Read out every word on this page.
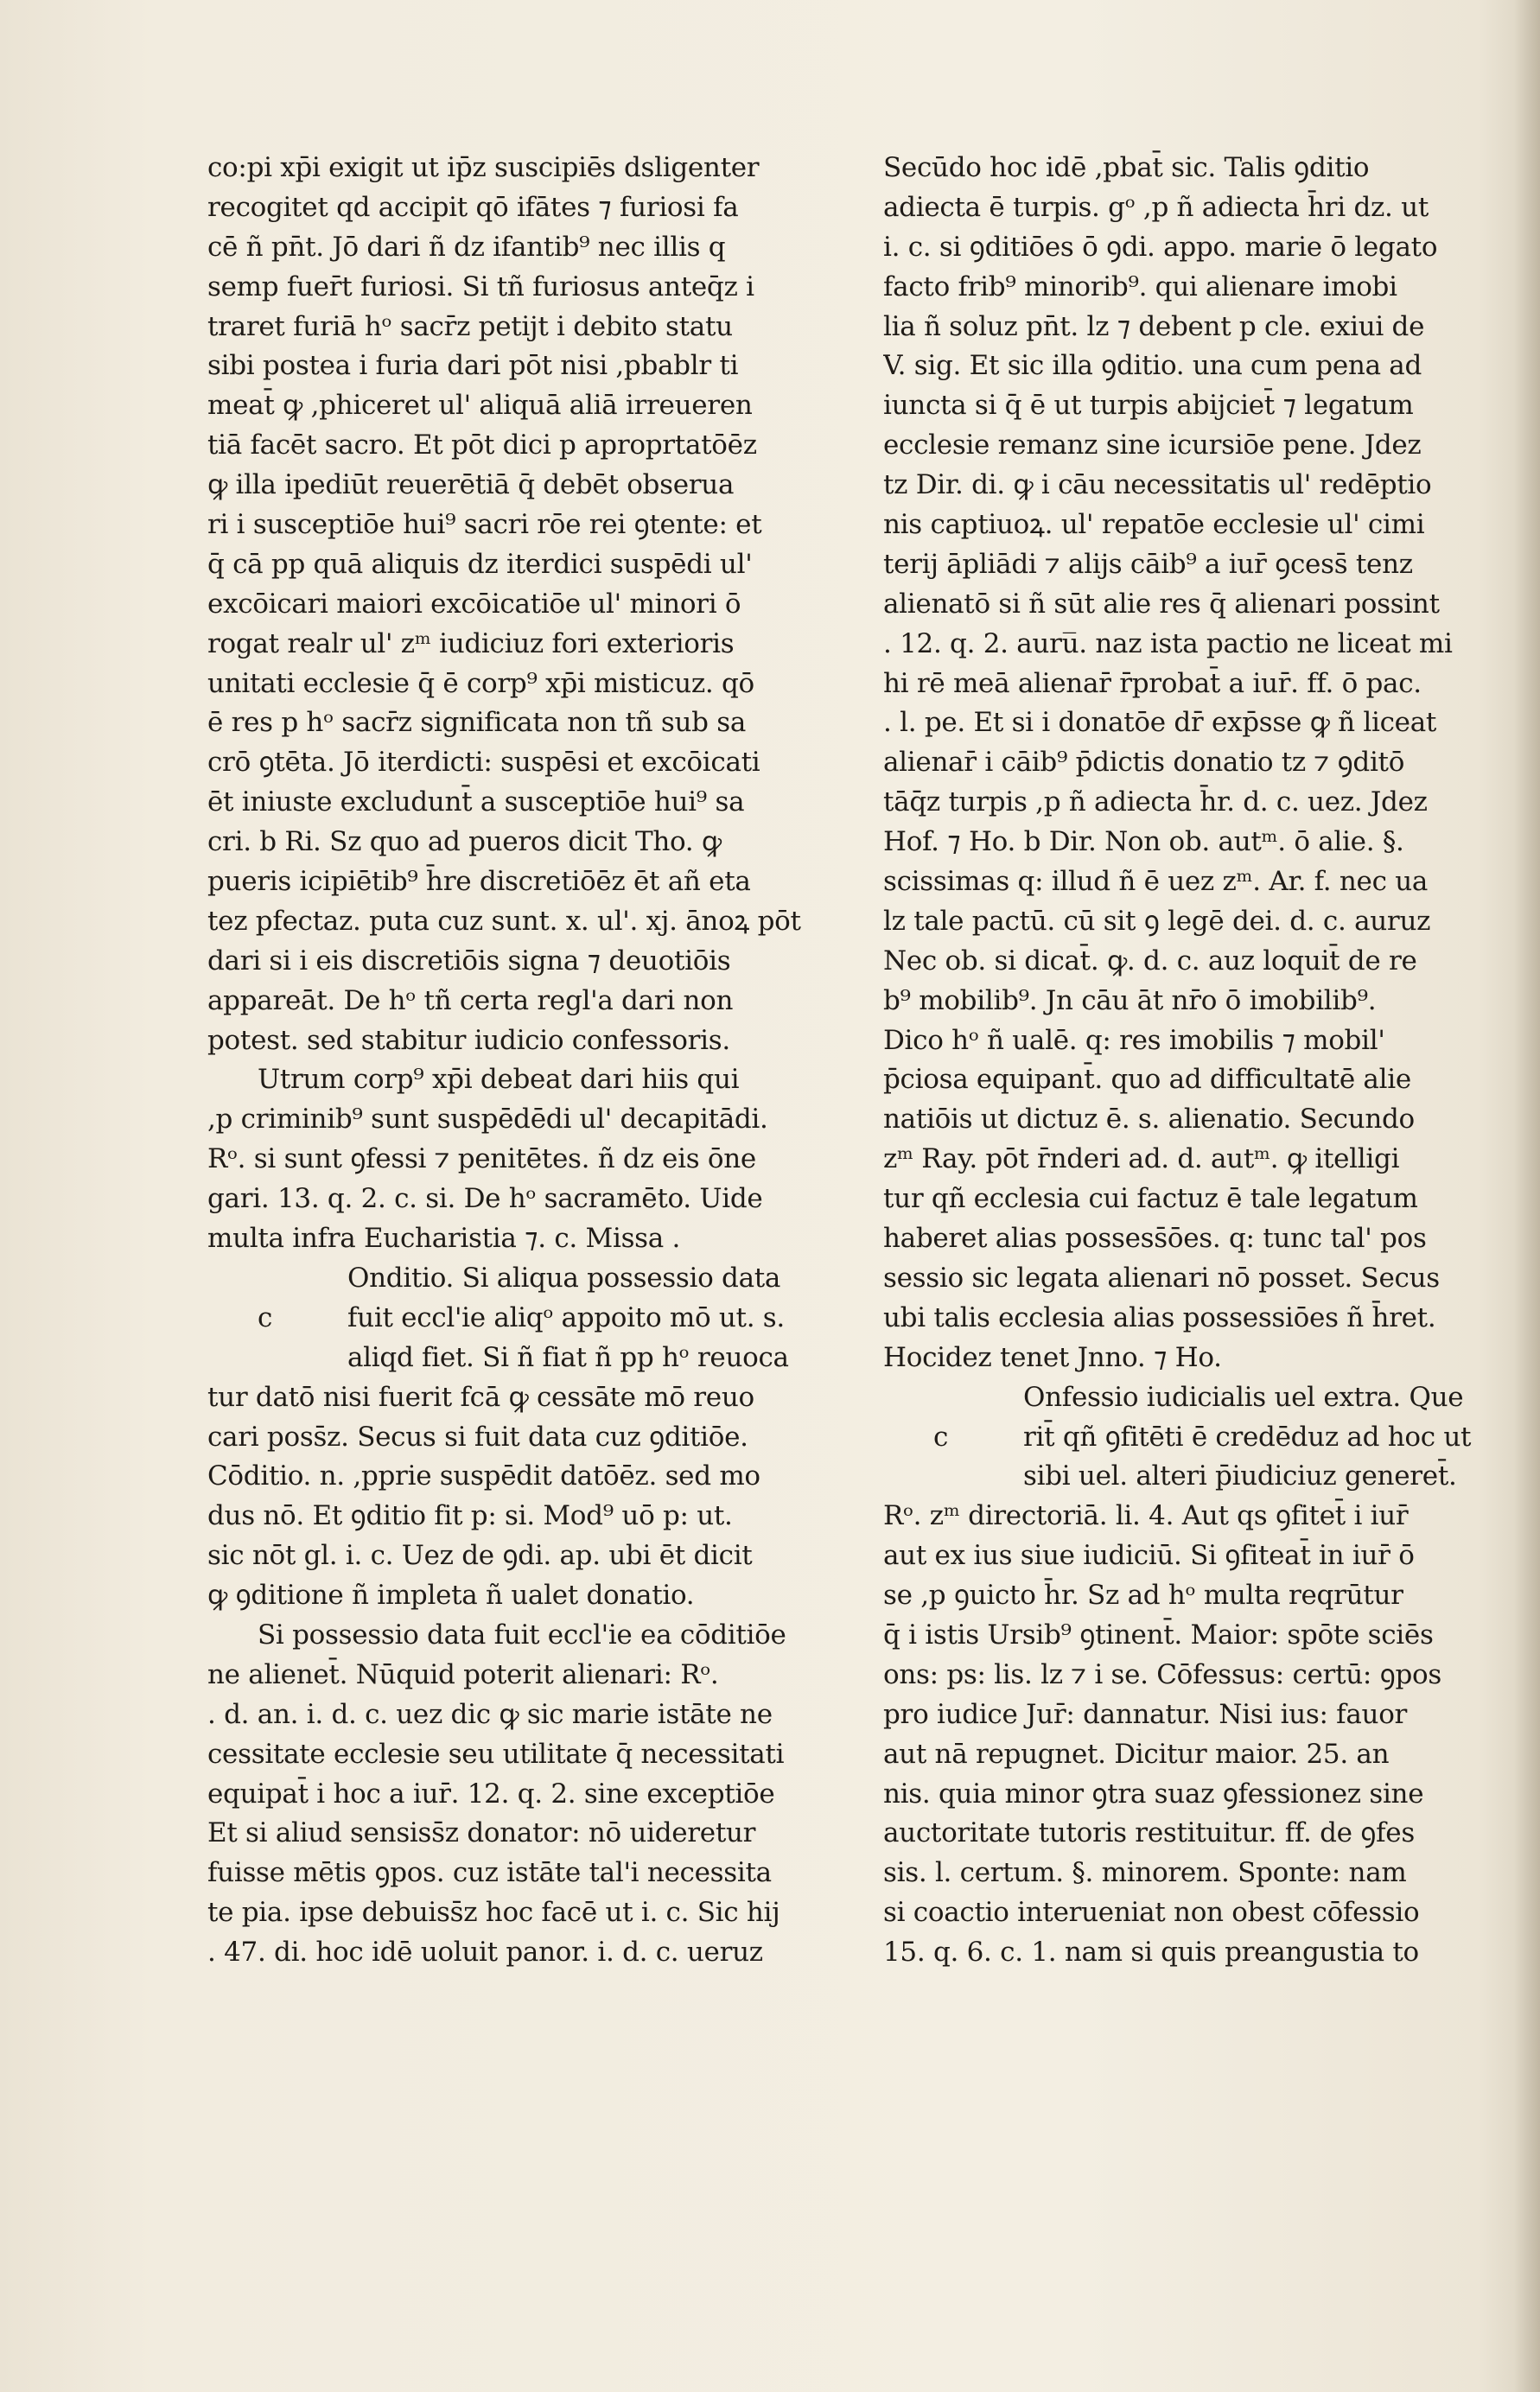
co:pi xp̄i exigit ut ip̄z suscipiēs dsligenter
recogitet qd accipit qō ifātes ⁊ furiosi fa
cē ñ pn̄t. Jō dari ñ dz ifantib⁹ nec illis q
semp fuer̄t furiosi. Si tñ furiosus anteq̄z i
traret furiā hᵒ sacr̄z petijt i debito statu
sibi postea i furia dari pōt nisi ,pbablr ti
meat̄ ꝙ ,phiceret ul' aliquā aliā irreueren
tiā facēt sacro. Et pōt dici p aproprtatōēz
ꝙ illa ipediūt reuerētiā q̄ debēt obserua
ri i susceptiōe hui⁹ sacri rōe rei ꝯtente: et
q̄ cā pp quā aliquis dz iterdici suspēdi ul'
excōicari maiori excōicatiōe ul' minori ō
rogat realr ul' zᵐ iudiciuz fori exterioris
unitati ecclesie q̄ ē corp⁹ xp̄i misticuz. qō
ē res p hᵒ sacr̄z significata non tñ sub sa
crō ꝯtēta. Jō iterdicti: suspēsi et excōicati
ēt iniuste excludunt̄ a susceptiōe hui⁹ sa
cri. b Ri. Sz quo ad pueros dicit Tho. ꝙ
pueris icipiētib⁹ h̄re discretiōēz ēt añ eta
tez pfectaz. puta cuz sunt. x. ul'. xj. ānoꝝ pōt
dari si i eis discretiōis signa ⁊ deuotiōis
appareāt. De hᵒ tñ certa regl'a dari non
potest. sed stabitur iudicio confessoris.
Utrum corp⁹ xp̄i debeat dari hiis qui
,p criminib⁹ sunt suspēdēdi ul' decapitādi.
Rᵒ. si sunt ꝯfessi ⁊ penitētes. ñ dz eis ōne
gari. 13. q. 2. c. si. De hᵒ sacramēto. Uide
multa infra Eucharistia ⁊. c. Missa .
Onditio. Si aliqua possessio data
c	fuit eccl'ie aliqᵒ appoito mō ut. s.
aliqd fiet. Si ñ fiat ñ pp hᵒ reuoca
tur datō nisi fuerit fcā ꝙ cessāte mō reuo
cari poss̄z. Secus si fuit data cuz ꝯditiōe.
Cōditio. n. ,pprie suspēdit datōēz. sed mo
dus nō. Et ꝯditio fit p: si. Mod⁹ uō p: ut.
sic nōt gl. i. c. Uez de ꝯdi. ap. ubi ēt dicit
ꝙ ꝯditione ñ impleta ñ ualet donatio.
Si possessio data fuit eccl'ie ea cōditiōe
ne alienet̄. Nūquid poterit alienari: Rᵒ.
. d. an. i. d. c. uez dic ꝙ sic marie istāte ne
cessitate ecclesie seu utilitate q̄ necessitati
equipat̄ i hoc a iur̄. 12. q. 2. sine exceptiōe
Et si aliud sensiss̄z donator: nō uideretur
fuisse mētis ꝯpos. cuz istāte tal'i necessita
te pia. ipse debuiss̄z hoc facē ut i. c. Sic hij
. 47. di. hoc idē uoluit panor. i. d. c. ueruz
Secūdo hoc idē ,pbat̄ sic. Talis ꝯditio
adiecta ē turpis. gᵒ ,p ñ adiecta h̄ri dz. ut
i. c. si ꝯditiōes ō ꝯdi. appo. marie ō legato
facto frib⁹ minorib⁹. qui alienare imobi
lia ñ soluz pn̄t. lz ⁊ debent p cle. exiui de
V. sig. Et sic illa ꝯditio. una cum pena ad
iuncta si q̄ ē ut turpis abijciet̄ ⁊ legatum
ecclesie remanz sine icursiōe pene. Jdez
tz Dir. di. ꝙ i cāu necessitatis ul' redēptio
nis captiuoꝝ. ul' repatōe ecclesie ul' cimi
terij āpliādi ⁊ alijs cāib⁹ a iur̄ ꝯcess̄ tenz
alienatō si ñ sūt alie res q̄ alienari possint
. 12. q. 2. auru̅. naz ista pactio ne liceat mi
hi rē meā alienar̄ r̄probat̄ a iur̄. ff. ō pac.
. l. pe. Et si i donatōe dr̄ exp̄sse ꝙ ñ liceat
alienar̄ i cāib⁹ p̄dictis donatio tz ⁊ ꝯditō
tāq̄z turpis ,p ñ adiecta h̄r. d. c. uez. Jdez
Hof. ⁊ Ho. b Dir. Non ob. autᵐ. ō alie. §.
scissimas q: illud ñ ē uez zᵐ. Ar. f. nec ua
lz tale pactū. cū sit ꝯ legē dei. d. c. auruz
Nec ob. si dicat̄. ꝙ. d. c. auz loquit̄ de re
b⁹ mobilib⁹. Jn cāu āt nr̄o ō imobilib⁹.
Dico hᵒ ñ ualē. q: res imobilis ⁊ mobil'
p̄ciosa equipant̄. quo ad difficultatē alie
natiōis ut dictuz ē. s. alienatio. Secundo
zᵐ Ray. pōt r̄nderi ad. d. autᵐ. ꝙ itelligi
tur qñ ecclesia cui factuz ē tale legatum
haberet alias possess̄ōes. q: tunc tal' pos
sessio sic legata alienari nō posset. Secus
ubi talis ecclesia alias possessiōes ñ h̄ret.
Hocidez tenet Jnno. ⁊ Ho.
Onfessio iudicialis uel extra. Que
c	rit̄ qñ ꝯfitēti ē credēduz ad hoc ut
sibi uel. alteri p̄iudiciuz generet̄.
Rᵒ. zᵐ directoriā. li. 4. Aut qs ꝯfitet̄ i iur̄
aut ex ius siue iudiciū. Si ꝯfiteat̄ in iur̄ ō
se ,p ꝯuicto h̄r. Sz ad hᵒ multa reqrūtur
q̄ i istis Ursib⁹ ꝯtinent̄. Maior: spōte sciēs
ons: ps: lis. lz ⁊ i se. Cōfessus: certū: ꝯpos
pro iudice Jur̄: dannatur. Nisi ius: fauor
aut nā repugnet. Dicitur maior. 25. an
nis. quia minor ꝯtra suaz ꝯfessionez sine
auctoritate tutoris restituitur. ff. de ꝯfes
sis. l. certum. §. minorem. Sponte: nam
si coactio interueniat non obest cōfessio
15. q. 6. c. 1. nam si quis preangustia to
